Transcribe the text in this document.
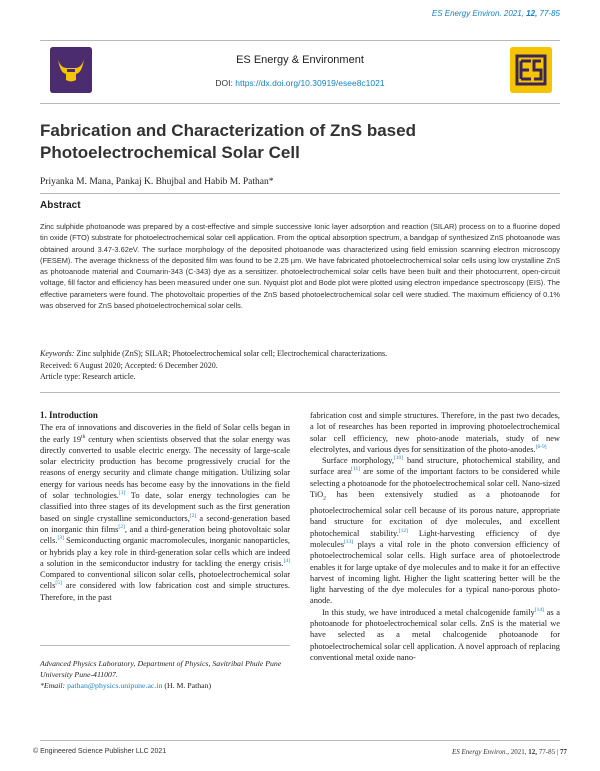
ES Energy Environ. 2021, 12, 77-85
ES Energy & Environment
DOI: https://dx.doi.org/10.30919/esee8c1021
Fabrication and Characterization of ZnS based
Photoelectrochemical Solar Cell
Priyanka M. Mana, Pankaj K. Bhujbal and Habib M. Pathan*
Abstract
Zinc sulphide photoanode was prepared by a cost-effective and simple successive Ionic layer adsorption and reaction (SILAR) process on to a fluorine doped tin oxide (FTO) substrate for photoelectrochemical solar cell application. From the optical absorption spectrum, a bandgap of synthesized ZnS photoanode was obtained around 3.47-3.62eV. The surface morphology of the deposited photoanode was characterized using field emission scanning electron microscopy (FESEM). The average thickness of the deposited film was found to be 2.25 µm. We have fabricated photoelectrochemical solar cells using low crystalline ZnS as photoanode material and Coumarin-343 (C-343) dye as a sensitizer. photoelectrochemical solar cells have been built and their photocurrent, open-circuit voltage, fill factor and efficiency has been measured under one sun. Nyquist plot and Bode plot were plotted using electron impedance spectroscopy (EIS). The effective parameters were found. The photovoltaic properties of the ZnS based photoelectrochemical solar cell were studied. The maximum efficiency of 0.1% was observed for ZnS based photoelectrochemical solar cells.
Keywords: Zinc sulphide (ZnS); SILAR; Photoelectrochemical solar cell; Electrochemical characterizations.
Received: 6 August 2020; Accepted: 6 December 2020.
Article type: Research article.
1. Introduction

The era of innovations and discoveries in the field of Solar cells began in the early 19th century when scientists observed that the solar energy was directly converted to usable electric energy. The necessity of large-scale solar electricity production has become progressively crucial for the reasons of energy security and climate change mitigation. Utilizing solar energy for various needs has become easy by the innovations in the field of solar technologies.[1] To date, solar energy technologies can be classified into three stages of its development such as the first generation based on single crystalline semiconductors,[2] a second-generation based on inorganic thin films[2], and a third-generation being photovoltaic solar cells.[3] Semiconducting organic macromolecules, inorganic nanoparticles, or hybrids play a key role in third-generation solar cells which are indeed a solution in the semiconductor industry for tackling the energy crisis.[4] Compared to conventional silicon solar cells, photoelectrochemical solar cells[5] are considered with low fabrication cost and simple structures. Therefore, in the past

Advanced Physics Laboratory, Department of Physics, Savitribai Phule Pune University Pune-411007.
*Email: pathan@physics.unipune.ac.in (H. M. Pathan)

fabrication cost and simple structures. Therefore, in the past two decades, a lot of researches has been reported in improving photoelectrochemical solar cell efficiency, new photo-anode materials, study of new electrolytes, and various dyes for sensitization of the photo-anodes.[6-9]

Surface morphology,[10] band structure, photochemical stability, and surface area[11] are some of the important factors to be considered while selecting a photoanode for the photoelectrochemical solar cell. Nano-sized TiO$_2$ has been extensively studied as a photoanode for photoelectrochemical solar cell because of its porous nature, appropriate band structure for excitation of dye molecules, and excellent photochemical stability.[12] Light-harvesting efficiency of dye molecules[13] plays a vital role in the photo conversion efficiency of photoelectrochemical solar cells. High surface area of photoelectrode enables it for large uptake of dye molecules and to make it for an effective harvest of incoming light. Higher the light scattering better will be the light harvesting of the dye molecules for a typical nano-porous photo-anode.

In this study, we have introduced a metal chalcogenide family[14] as a photoanode for photoelectrochemical solar cells. ZnS is the material we have selected as a metal chalcogenide photoanode for photoelectrochemical solar cell application. A novel approach of replacing conventional metal oxide nano-

© Engineered Science Publisher LLC 2021	ES Energy Environ., 2021, 12, 77-85 | 77
